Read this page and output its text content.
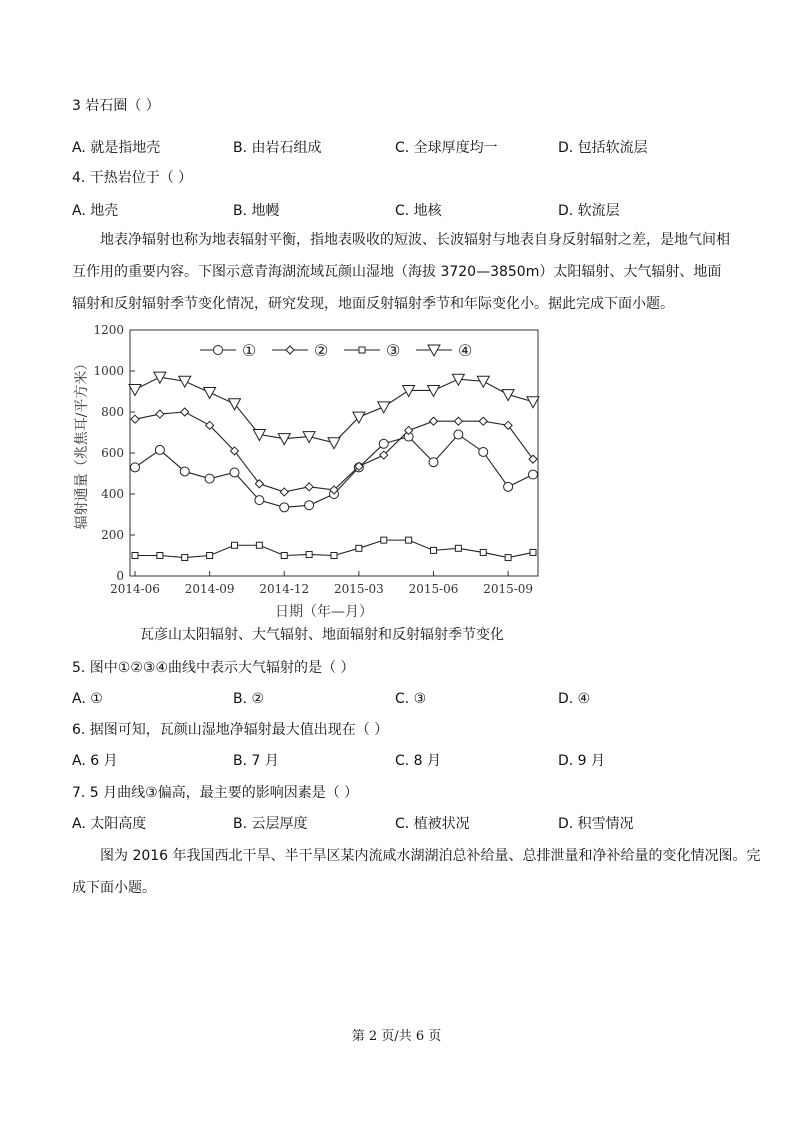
3 岩石圈（ ）
A. 就是指地壳	B. 由岩石组成	C. 全球厚度均一	D. 包括软流层
4. 干热岩位于（ ）
A. 地壳	B. 地幔	C. 地核	D. 软流层
地表净辐射也称为地表辐射平衡，指地表吸收的短波、长波辐射与地表自身反射辐射之差，是地气间相互作用的重要内容。下图示意青海湖流域瓦颜山湿地（海拔 3720—3850m）太阳辐射、大气辐射、地面辐射和反射辐射季节变化情况，研究发现，地面反射辐射季节和年际变化小。据此完成下面小题。
0
200
400
600
800
1000
1200
2014-06 2014-09 2014-12 2015-03 2015-06 2015-09
日期（年—月）
辐射通量（兆焦耳/平方米）
①	②	③	④
瓦彦山太阳辐射、大气辐射、地面辐射和反射辐射季节变化
5. 图中①②③④曲线中表示大气辐射的是（ ）
A. ①	B. ②	C. ③	D. ④
6. 据图可知，瓦颜山湿地净辐射最大值出现在（ ）
A. 6 月	B. 7 月	C. 8 月	D. 9 月
7. 5 月曲线③偏高，最主要的影响因素是（ ）
A. 太阳高度	B. 云层厚度	C. 植被状况	D. 积雪情况
图为 2016 年我国西北干旱、半干旱区某内流咸水湖湖泊总补给量、总排泄量和净补给量的变化情况图。完成下面小题。
第 2 页/共 6 页
